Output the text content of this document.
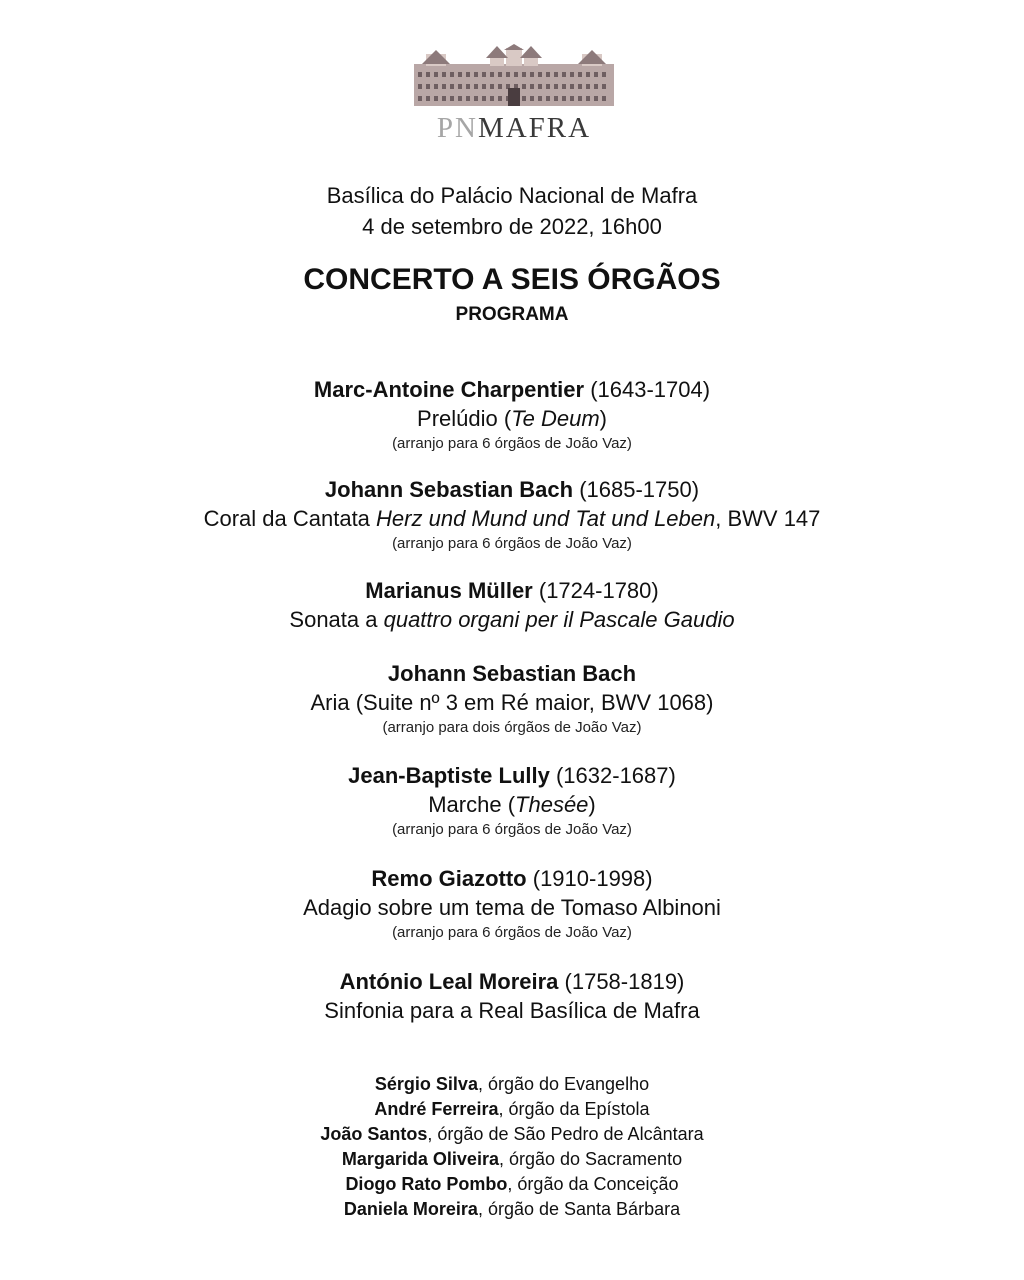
PNMAFRA
Basílica do Palácio Nacional de Mafra
4 de setembro de 2022, 16h00
CONCERTO A SEIS ÓRGÃOS
PROGRAMA
Marc-Antoine Charpentier (1643-1704)
Prelúdio (Te Deum)
(arranjo para 6 órgãos de João Vaz)
Johann Sebastian Bach (1685-1750)
Coral da Cantata Herz und Mund und Tat und Leben, BWV 147
(arranjo para 6 órgãos de João Vaz)
Marianus Müller (1724-1780)
Sonata a quattro organi per il Pascale Gaudio
Johann Sebastian Bach
Aria (Suite nº 3 em Ré maior, BWV 1068)
(arranjo para dois órgãos de João Vaz)
Jean-Baptiste Lully (1632-1687)
Marche (Thesée)
(arranjo para 6 órgãos de João Vaz)
Remo Giazotto (1910-1998)
Adagio sobre um tema de Tomaso Albinoni
(arranjo para 6 órgãos de João Vaz)
António Leal Moreira (1758-1819)
Sinfonia para a Real Basílica de Mafra
Sérgio Silva, órgão do Evangelho
André Ferreira, órgão da Epístola
João Santos, órgão de São Pedro de Alcântara
Margarida Oliveira, órgão do Sacramento
Diogo Rato Pombo, órgão da Conceição
Daniela Moreira, órgão de Santa Bárbara
